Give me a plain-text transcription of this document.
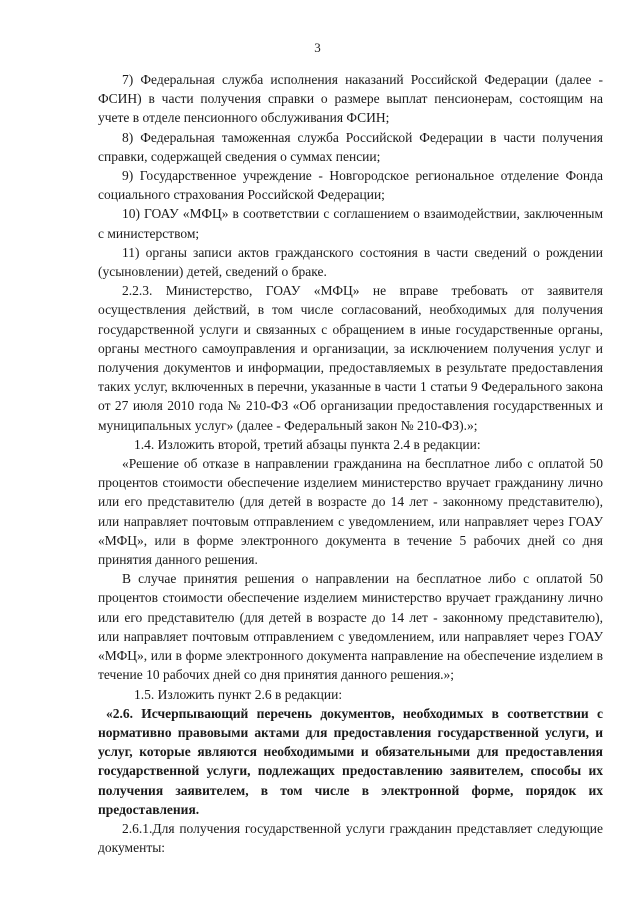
3

7) Федеральная служба исполнения наказаний Российской Федерации (далее - ФСИН) в части получения справки о размере выплат пенсионерам, состоящим на учете в отделе пенсионного обслуживания ФСИН;

8) Федеральная таможенная служба Российской Федерации в части получения справки, содержащей сведения о суммах пенсии;

9) Государственное учреждение - Новгородское региональное отделение Фонда социального страхования Российской Федерации;

10) ГОАУ «МФЦ» в соответствии с соглашением о взаимодействии, заключенным с министерством;

11) органы записи актов гражданского состояния в части сведений о рождении (усыновлении) детей, сведений о браке.

2.2.3. Министерство, ГОАУ «МФЦ» не вправе требовать от заявителя осуществления действий, в том числе согласований, необходимых для получения государственной услуги и связанных с обращением в иные государственные органы, органы местного самоуправления и организации, за исключением получения услуг и получения документов и информации, предоставляемых в результате предоставления таких услуг, включенных в перечни, указанные в части 1 статьи 9 Федерального закона от 27 июля 2010 года № 210-ФЗ «Об организации предоставления государственных и муниципальных услуг» (далее - Федеральный закон № 210-ФЗ).»;

1.4. Изложить второй, третий абзацы пункта 2.4 в редакции:

«Решение об отказе в направлении гражданина на бесплатное либо с оплатой 50 процентов стоимости обеспечение изделием министерство вручает гражданину лично или его представителю (для детей в возрасте до 14 лет - законному представителю), или направляет почтовым отправлением с уведомлением, или направляет через ГОАУ «МФЦ», или в форме электронного документа в течение 5 рабочих дней со дня принятия данного решения.

В случае принятия решения о направлении на бесплатное либо с оплатой 50 процентов стоимости обеспечение изделием министерство вручает гражданину лично или его представителю (для детей в возрасте до 14 лет - законному представителю), или направляет почтовым отправлением с уведомлением, или направляет через ГОАУ «МФЦ», или в форме электронного документа направление на обеспечение изделием в течение 10 рабочих дней со дня принятия данного решения.»;

1.5. Изложить пункт 2.6 в редакции:

«2.6. Исчерпывающий перечень документов, необходимых в соответствии с нормативно правовыми актами для предоставления государственной услуги, и услуг, которые являются необходимыми и обязательными для предоставления государственной услуги, подлежащих предоставлению заявителем, способы их получения заявителем, в том числе в электронной форме, порядок их предоставления.

2.6.1.Для получения государственной услуги гражданин представляет следующие документы:
